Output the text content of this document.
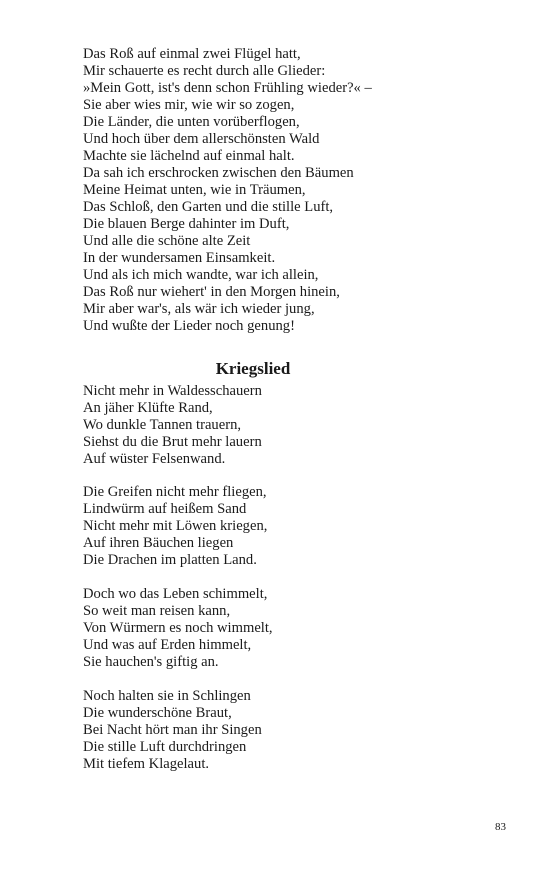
Das Roß auf einmal zwei Flügel hatt,
Mir schauerte es recht durch alle Glieder:
»Mein Gott, ist's denn schon Frühling wieder?« –
Sie aber wies mir, wie wir so zogen,
Die Länder, die unten vorüberflogen,
Und hoch über dem allerschönsten Wald
Machte sie lächelnd auf einmal halt.
Da sah ich erschrocken zwischen den Bäumen
Meine Heimat unten, wie in Träumen,
Das Schloß, den Garten und die stille Luft,
Die blauen Berge dahinter im Duft,
Und alle die schöne alte Zeit
In der wundersamen Einsamkeit.
Und als ich mich wandte, war ich allein,
Das Roß nur wiehert' in den Morgen hinein,
Mir aber war's, als wär ich wieder jung,
Und wußte der Lieder noch genung!
Kriegslied
Nicht mehr in Waldesschauern
An jäher Klüfte Rand,
Wo dunkle Tannen trauern,
Siehst du die Brut mehr lauern
Auf wüster Felsenwand.
Die Greifen nicht mehr fliegen,
Lindwürm auf heißem Sand
Nicht mehr mit Löwen kriegen,
Auf ihren Bäuchen liegen
Die Drachen im platten Land.
Doch wo das Leben schimmelt,
So weit man reisen kann,
Von Würmern es noch wimmelt,
Und was auf Erden himmelt,
Sie hauchen's giftig an.
Noch halten sie in Schlingen
Die wunderschöne Braut,
Bei Nacht hört man ihr Singen
Die stille Luft durchdringen
Mit tiefem Klagelaut.
83
